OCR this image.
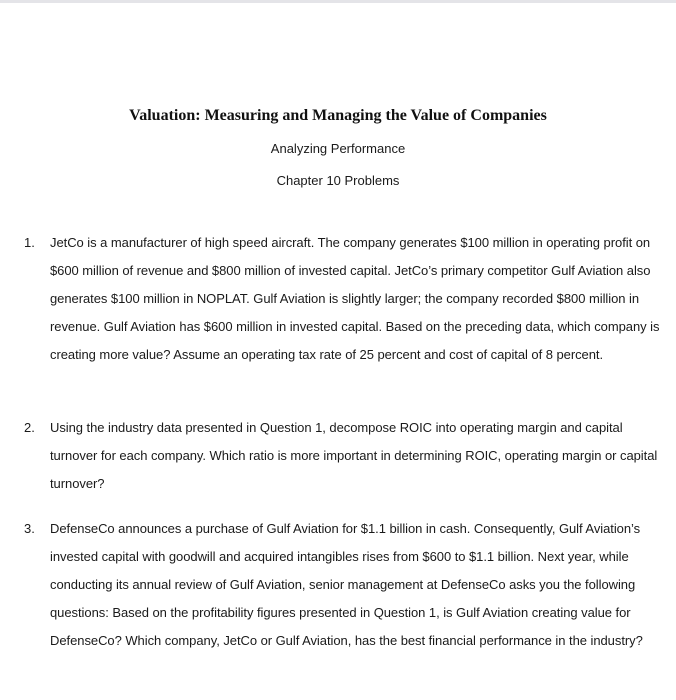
Valuation: Measuring and Managing the Value of Companies
Analyzing Performance
Chapter 10 Problems
1.	JetCo is a manufacturer of high speed aircraft. The company generates $100 million in operating profit on $600 million of revenue and $800 million of invested capital. JetCo’s primary competitor Gulf Aviation also generates $100 million in NOPLAT. Gulf Aviation is slightly larger; the company recorded $800 million in revenue. Gulf Aviation has $600 million in invested capital. Based on the preceding data, which company is creating more value? Assume an operating tax rate of 25 percent and cost of capital of 8 percent.
2.	Using the industry data presented in Question 1, decompose ROIC into operating margin and capital turnover for each company. Which ratio is more important in determining ROIC, operating margin or capital turnover?
3.	DefenseCo announces a purchase of Gulf Aviation for $1.1 billion in cash. Consequently, Gulf Aviation’s invested capital with goodwill and acquired intangibles rises from $600 to $1.1 billion. Next year, while conducting its annual review of Gulf Aviation, senior management at DefenseCo asks you the following questions: Based on the profitability figures presented in Question 1, is Gulf Aviation creating value for DefenseCo? Which company, JetCo or Gulf Aviation, has the best financial performance in the industry?
